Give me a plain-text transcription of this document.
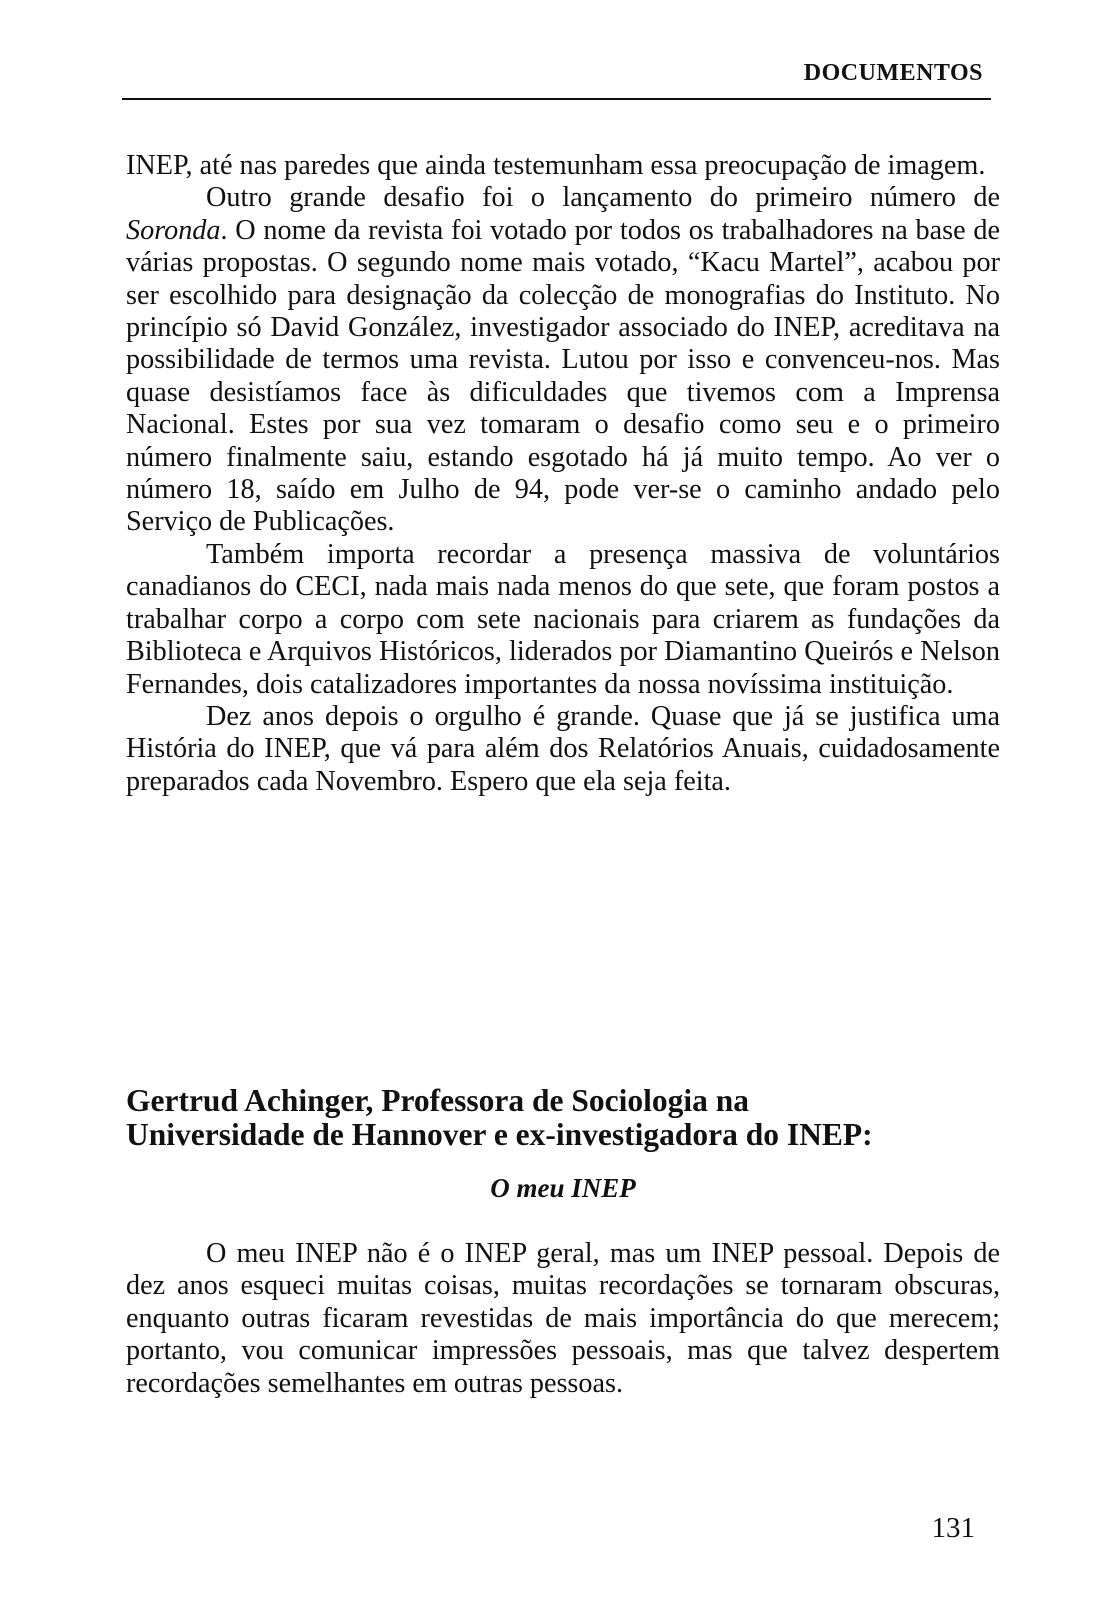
DOCUMENTOS

INEP, até nas paredes que ainda testemunham essa preocupação de imagem.

Outro grande desafio foi o lançamento do primeiro número de Soronda. O nome da revista foi votado por todos os trabalhadores na base de várias propostas. O segundo nome mais votado, “Kacu Martel”, acabou por ser escolhido para designação da colecção de monografias do Instituto. No princípio só David González, investigador associado do INEP, acreditava na possibilidade de termos uma revista. Lutou por isso e convenceu-nos. Mas quase desistíamos face às dificuldades que tivemos com a Imprensa Nacional. Estes por sua vez tomaram o desafio como seu e o primeiro número finalmente saiu, estando esgotado há já muito tempo. Ao ver o número 18, saído em Julho de 94, pode ver-se o caminho andado pelo Serviço de Publicações.

Também importa recordar a presença massiva de voluntários canadianos do CECI, nada mais nada menos do que sete, que foram postos a trabalhar corpo a corpo com sete nacionais para criarem as fundações da Biblioteca e Arquivos Históricos, liderados por Diamantino Queirós e Nelson Fernandes, dois catalizadores importantes da nossa novíssima instituição.

Dez anos depois o orgulho é grande. Quase que já se justifica uma História do INEP, que vá para além dos Relatórios Anuais, cuidadosamente preparados cada Novembro. Espero que ela seja feita.

Gertrud Achinger, Professora de Sociologia na
Universidade de Hannover e ex-investigadora do INEP:
O meu INEP

O meu INEP não é o INEP geral, mas um INEP pessoal. Depois de dez anos esqueci muitas coisas, muitas recordações se tornaram obscuras, enquanto outras ficaram revestidas de mais importância do que merecem; portanto, vou comunicar impressões pessoais, mas que talvez despertem recordações semelhantes em outras pessoas.

131
